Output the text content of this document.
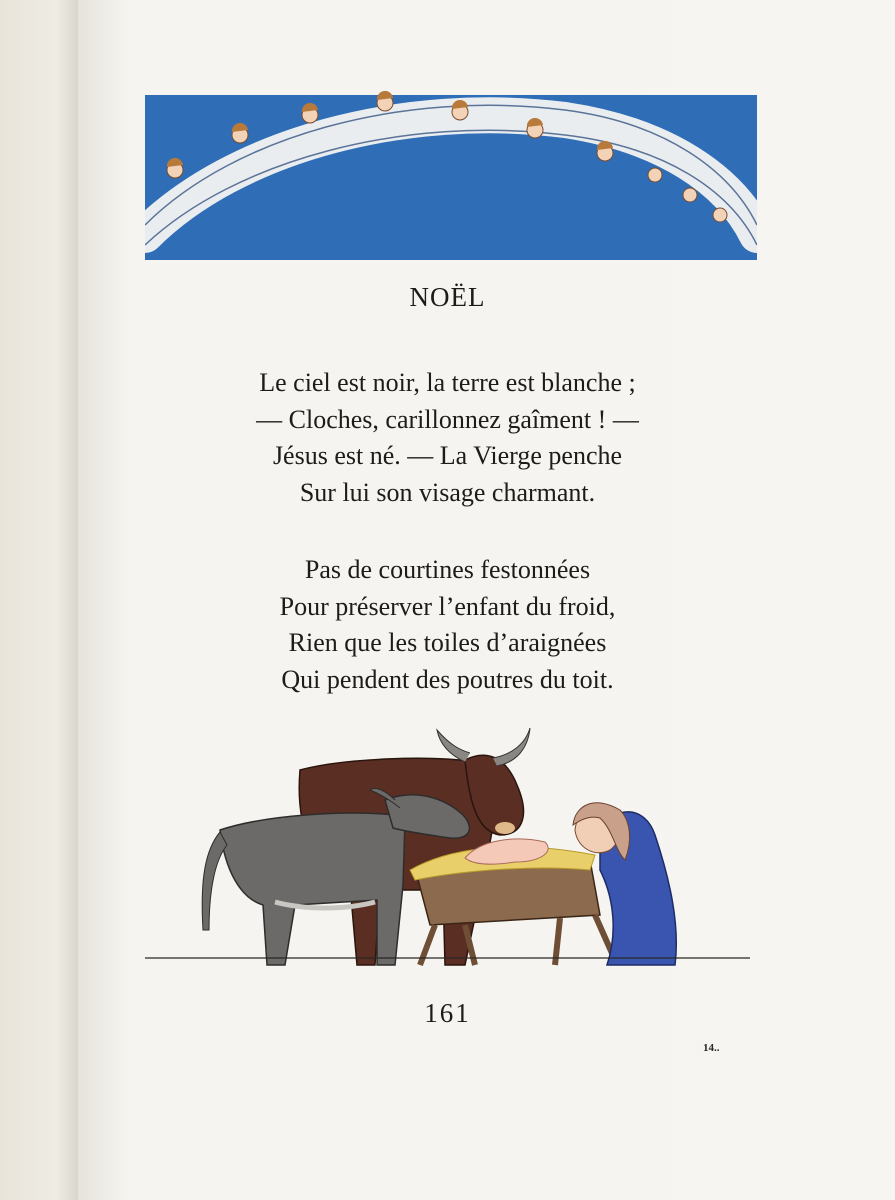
NOËL
Le ciel est noir, la terre est blanche ;
— Cloches, carillonnez gaîment ! —
Jésus est né. — La Vierge penche
Sur lui son visage charmant.
Pas de courtines festonnées
Pour préserver l’enfant du froid,
Rien que les toiles d’araignées
Qui pendent des poutres du toit.
161
14..
